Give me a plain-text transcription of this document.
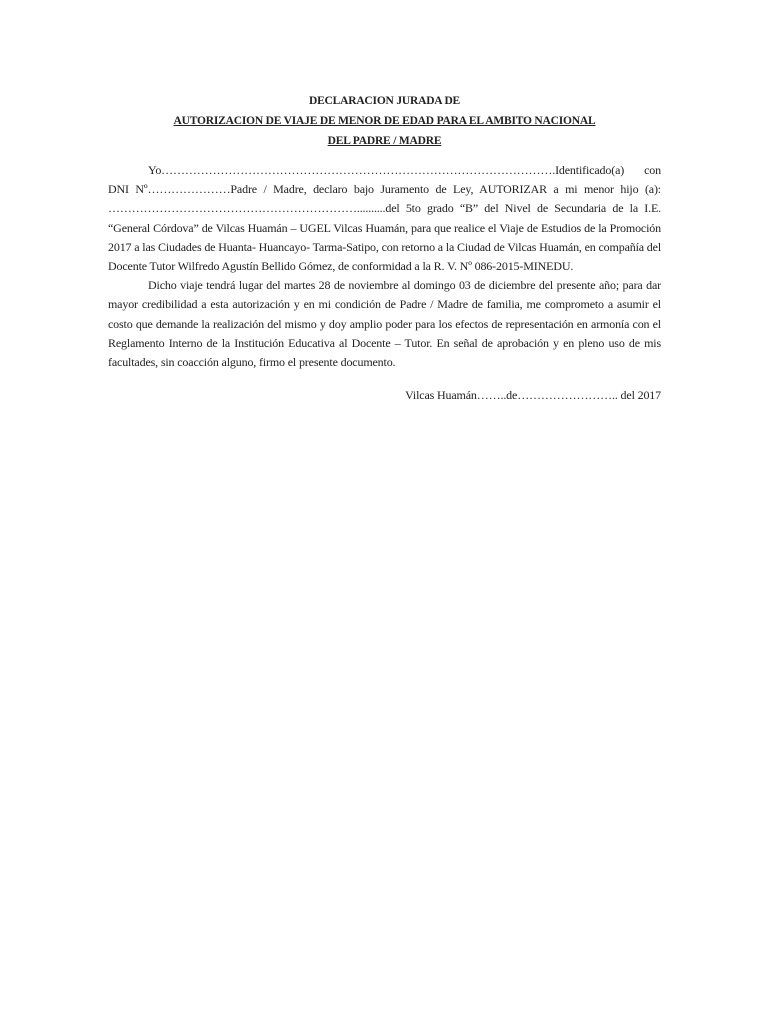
DECLARACION JURADA DE
AUTORIZACION DE VIAJE DE MENOR DE EDAD PARA EL AMBITO NACIONAL
DEL PADRE / MADRE

Yo……………………………………………………………………………………….Identificado(a) con DNI Nº…………………Padre / Madre, declaro bajo Juramento de Ley, AUTORIZAR a mi menor hijo (a): ………………………………………………………..........del 5to grado “B” del Nivel de Secundaria de la I.E. “General Córdova” de Vilcas Huamán – UGEL Vilcas Huamán, para que realice el Viaje de Estudios de la Promoción 2017 a las Ciudades de Huanta- Huancayo- Tarma-Satipo, con retorno a la Ciudad de Vilcas Huamán, en compañía del Docente Tutor Wilfredo Agustín Bellido Gómez, de conformidad a la R. V. Nº 086-2015-MINEDU.

Dicho viaje tendrá lugar del martes 28 de noviembre al domingo 03 de diciembre del presente año; para dar mayor credibilidad a esta autorización y en mi condición de Padre / Madre de familia, me comprometo a asumir el costo que demande la realización del mismo y doy amplio poder para los efectos de representación en armonía con el Reglamento Interno de la Institución Educativa al Docente – Tutor. En señal de aprobación y en pleno uso de mis facultades, sin coacción alguno, firmo el presente documento.

Vilcas Huamán……..de…………………….. del 2017
